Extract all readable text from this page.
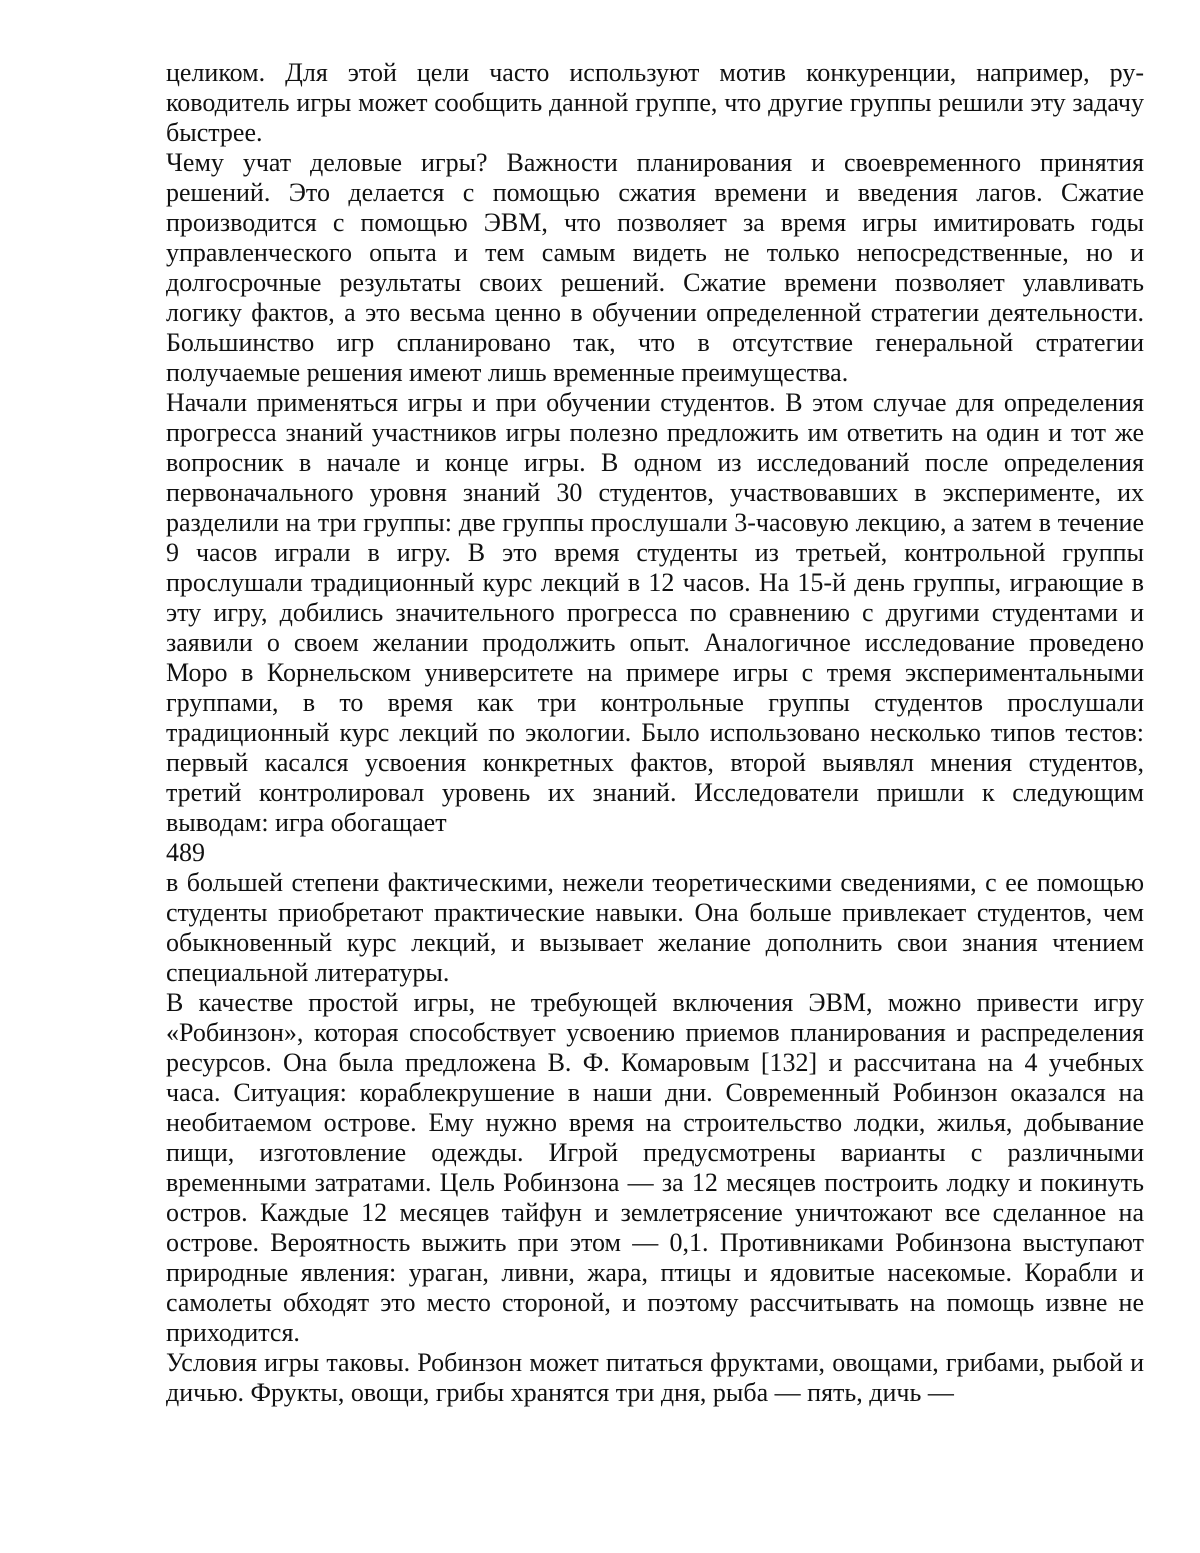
целиком. Для этой цели часто используют мотив конкуренции, например, ру-ководитель игры может сообщить данной группе, что другие группы решили эту задачу быстрее.

Чему учат деловые игры? Важности планирования и своевременного принятия решений. Это делается с помощью сжатия времени и введения лагов. Сжатие производится с помощью ЭВМ, что позволяет за время игры имитировать годы управленческого опыта и тем самым видеть не только непосредственные, но и долгосрочные результаты своих решений. Сжатие времени позволяет улавливать логику фактов, а это весьма ценно в обучении определенной стратегии деятельности. Большинство игр спланировано так, что в отсутствие генеральной стратегии получаемые решения имеют лишь временные преимущества.

Начали применяться игры и при обучении студентов. В этом случае для определения прогресса знаний участников игры полезно предложить им ответить на один и тот же вопросник в начале и конце игры. В одном из исследований после определения первоначального уровня знаний 30 студентов, участвовавших в эксперименте, их разделили на три группы: две группы прослушали 3-часовую лекцию, а затем в течение 9 часов играли в игру. В это время студенты из третьей, контрольной группы прослушали традиционный курс лекций в 12 часов. На 15-й день группы, играющие в эту игру, добились значительного прогресса по сравнению с другими студентами и заявили о своем желании продолжить опыт. Аналогичное исследование проведено Моро в Корнельском университете на примере игры с тремя экспериментальными группами, в то время как три контрольные группы студентов прослушали традиционный курс лекций по экологии. Было использовано несколько типов тестов: первый касался усвоения конкретных фактов, второй выявлял мнения студентов, третий контролировал уровень их знаний. Исследователи пришли к следующим выводам: игра обогащает

489

в большей степени фактическими, нежели теоретическими сведениями, с ее помощью студенты приобретают практические навыки. Она больше привлекает студентов, чем обыкновенный курс лекций, и вызывает желание дополнить свои знания чтением специальной литературы.

В качестве простой игры, не требующей включения ЭВМ, можно привести игру «Робинзон», которая способствует усвоению приемов планирования и распределения ресурсов. Она была предложена В. Ф. Комаровым [132] и рассчитана на 4 учебных часа. Ситуация: кораблекрушение в наши дни. Современный Робинзон оказался на необитаемом острове. Ему нужно время на строительство лодки, жилья, добывание пищи, изготовление одежды. Игрой предусмотрены варианты с различными временными затратами. Цель Робинзона — за 12 месяцев построить лодку и покинуть остров. Каждые 12 месяцев тайфун и землетрясение уничтожают все сделанное на острове. Вероятность выжить при этом — 0,1. Противниками Робинзона выступают природные явления: ураган, ливни, жара, птицы и ядовитые насекомые. Корабли и самолеты обходят это место стороной, и поэтому рассчитывать на помощь извне не приходится.

Условия игры таковы. Робинзон может питаться фруктами, овощами, грибами, рыбой и дичью. Фрукты, овощи, грибы хранятся три дня, рыба — пять, дичь —
